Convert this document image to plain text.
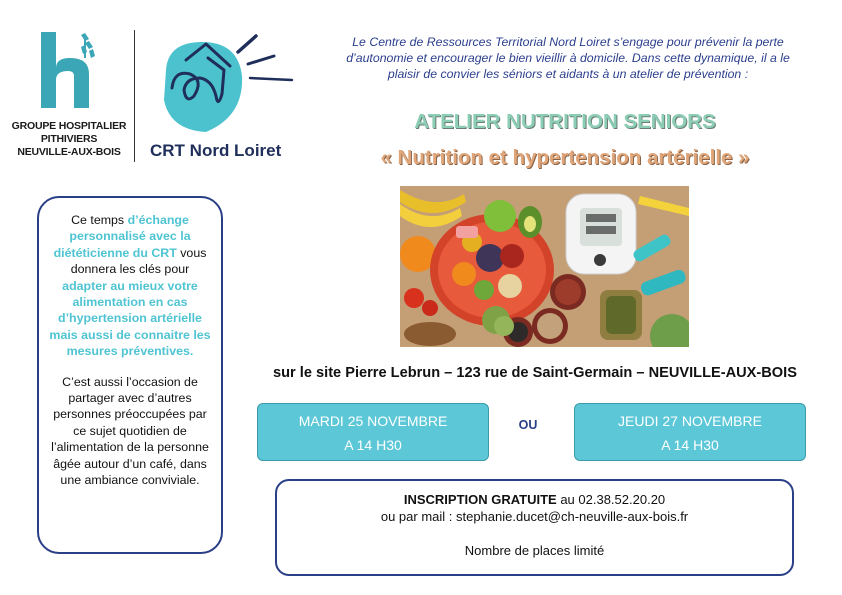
GROUPE HOSPITALIER
PITHIVIERS
NEUVILLE-AUX-BOIS	CRT Nord Loiret
Le Centre de Ressources Territorial Nord Loiret s’engage pour prévenir la perte
d’autonomie et encourager le bien vieillir à domicile. Dans cette dynamique, il a le
plaisir de convier les séniors et aidants à un atelier de prévention :
ATELIER NUTRITION SENIORS
« Nutrition et hypertension artérielle »

Ce temps d’échange personnalisé avec la diététicienne du CRT vous donnera les clés pour adapter au mieux votre alimentation en cas d’hypertension artérielle mais aussi de connaitre les mesures préventives.

C’est aussi l’occasion de partager avec d’autres personnes préoccupées par ce sujet quotidien de l’alimentation de la personne âgée autour d’un café, dans une ambiance conviviale.

sur le site Pierre Lebrun – 123 rue de Saint-Germain – NEUVILLE-AUX-BOIS
MARDI 25 NOVEMBRE
A 14 H30
OU	JEUDI 27 NOVEMBRE
A 14 H30
INSCRIPTION GRATUITE au 02.38.52.20.20
ou par mail : stephanie.ducet@ch-neuville-aux-bois.fr
Nombre de places limité
